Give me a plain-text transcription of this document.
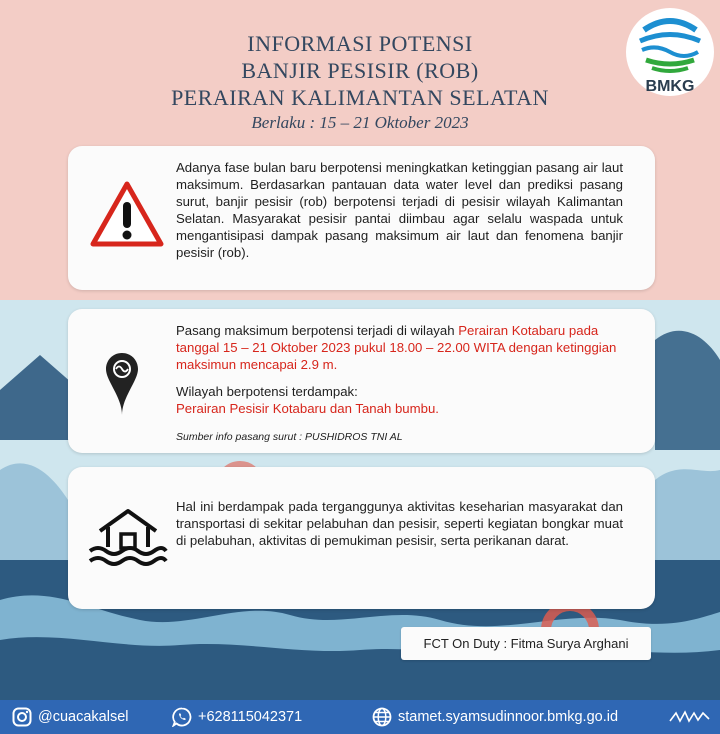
BMKG
INFORMASI POTENSI
BANJIR PESISIR (ROB)
PERAIRAN KALIMANTAN SELATAN
Berlaku : 15 – 21 Oktober 2023
Adanya fase bulan baru berpotensi meningkatkan ketinggian pasang air laut maksimum. Berdasarkan pantauan data water level dan prediksi pasang surut, banjir pesisir (rob) berpotensi terjadi di pesisir wilayah Kalimantan Selatan. Masyarakat pesisir pantai diimbau agar selalu waspada untuk mengantisipasi dampak pasang maksimum air laut dan fenomena banjir pesisir (rob).
Pasang maksimum berpotensi terjadi di wilayah Perairan Kotabaru pada tanggal 15 – 21 Oktober 2023 pukul 18.00 – 22.00 WITA dengan ketinggian maksimun mencapai 2.9 m.
Wilayah berpotensi terdampak:
Perairan Pesisir Kotabaru dan Tanah bumbu.
Sumber info pasang surut : PUSHIDROS TNI AL
Hal ini berdampak pada terganggunya aktivitas keseharian masyarakat dan transportasi di sekitar pelabuhan dan pesisir, seperti kegiatan bongkar muat di pelabuhan, aktivitas di pemukiman pesisir, serta perikanan darat.
FCT On Duty : Fitma Surya Arghani
@cuacakalsel	+628115042371	stamet.syamsudinnoor.bmkg.go.id
